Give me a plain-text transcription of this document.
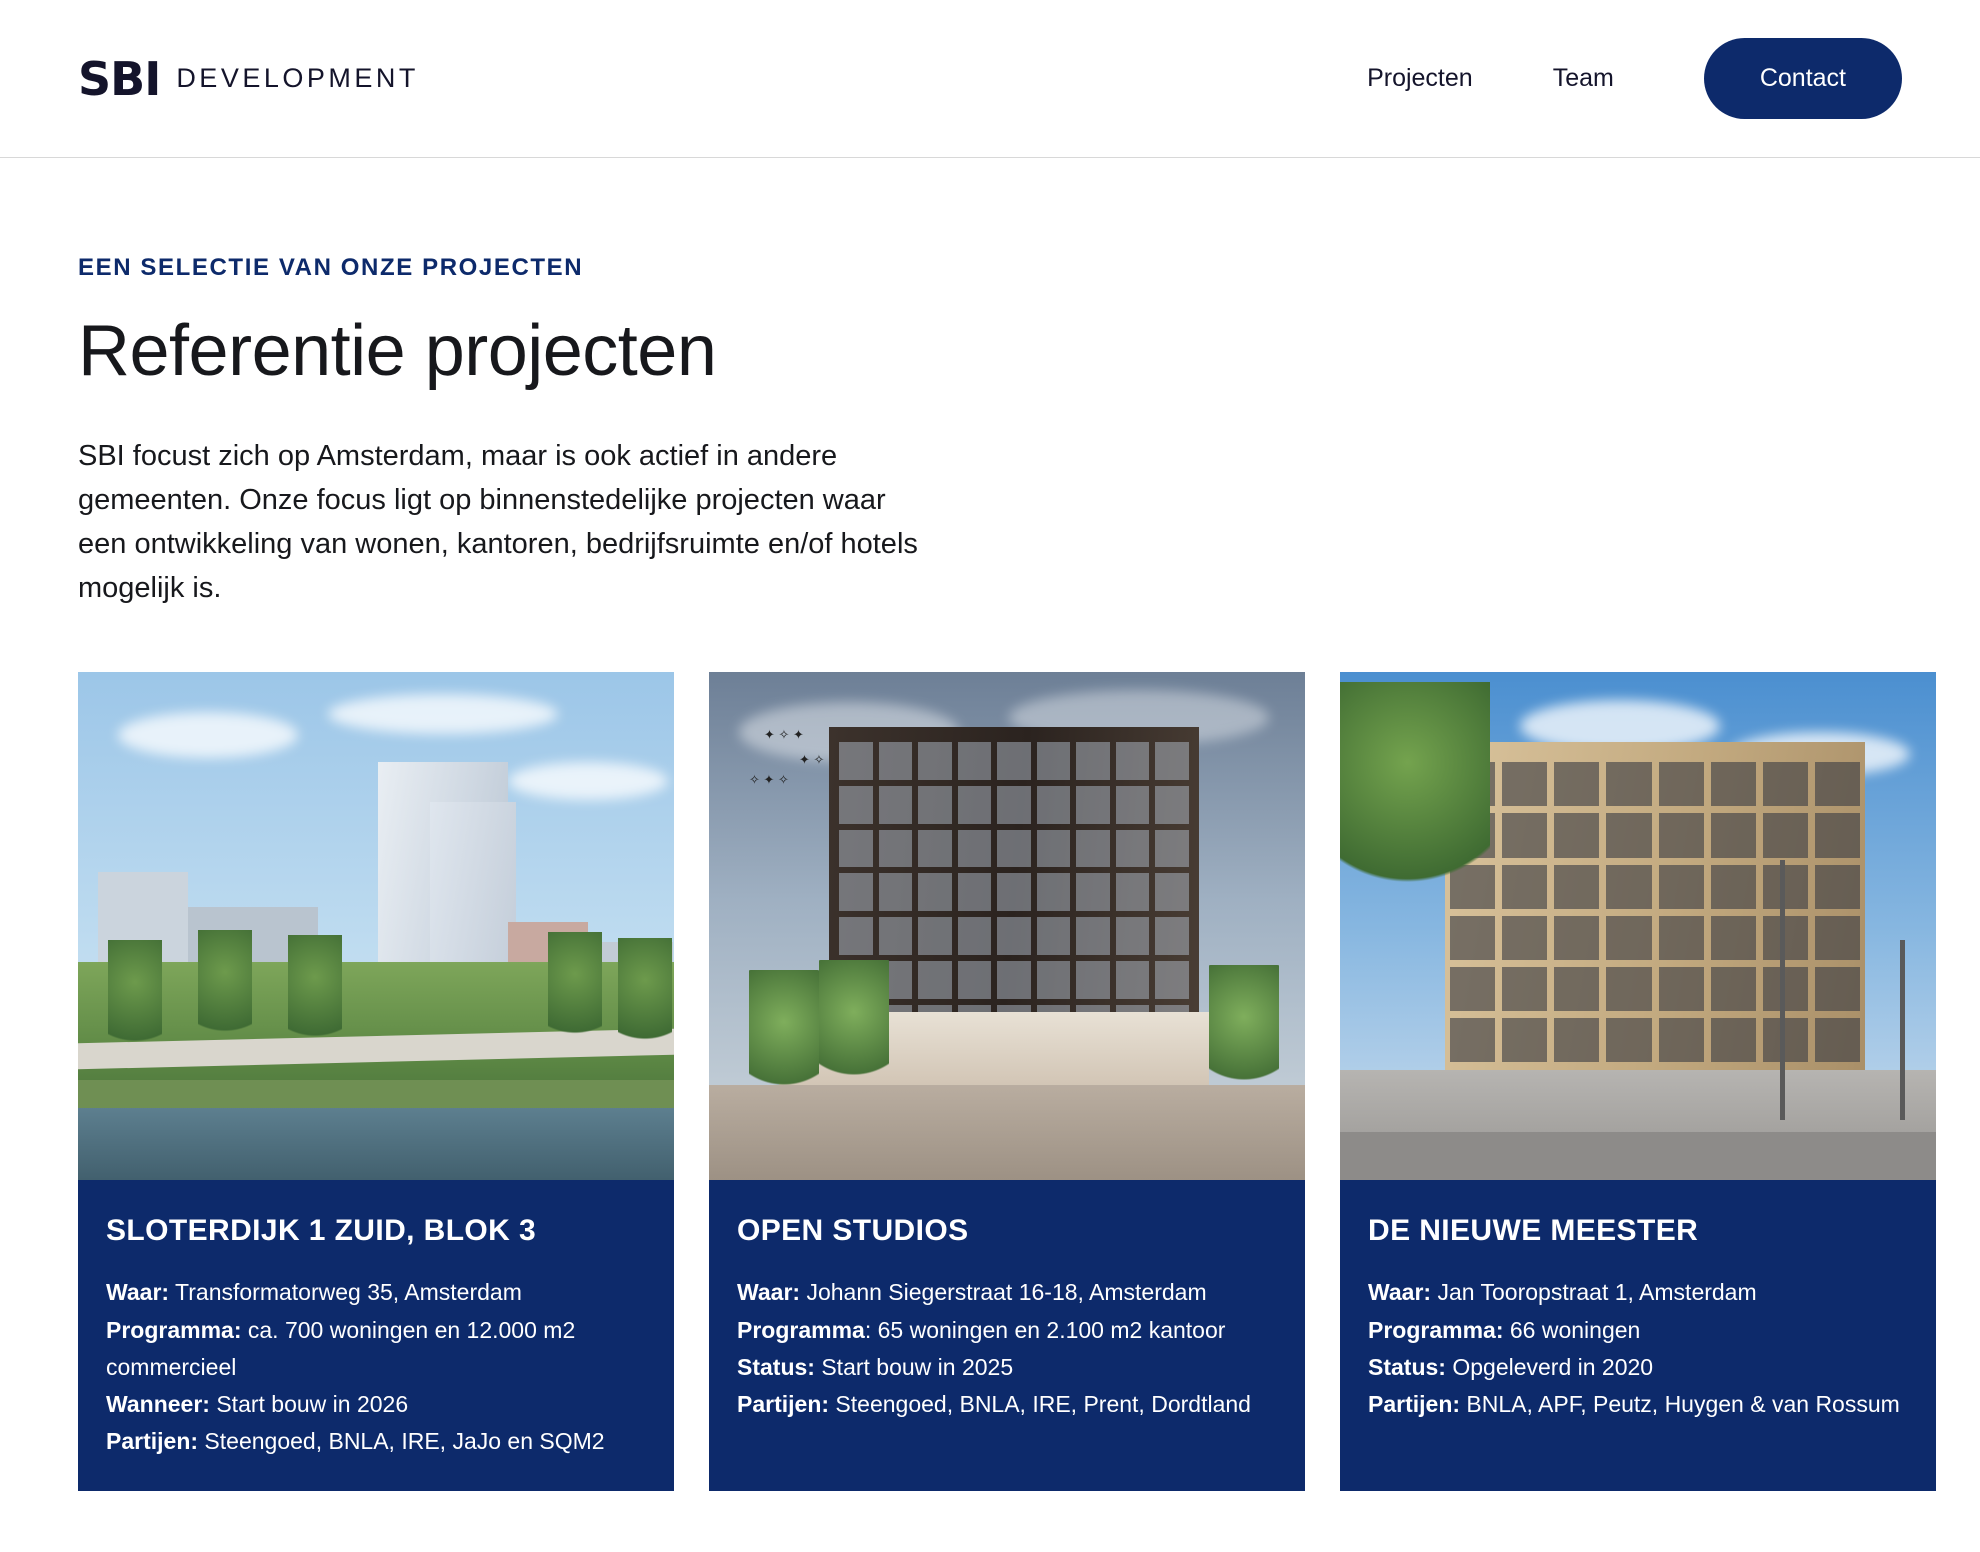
SBI DEVELOPMENT	Projecten	Team	Contact
EEN SELECTIE VAN ONZE PROJECTEN
Referentie projecten

SBI focust zich op Amsterdam, maar is ook actief in andere gemeenten. Onze focus ligt op binnenstedelijke projecten waar een ontwikkeling van wonen, kantoren, bedrijfsruimte en/of hotels mogelijk is.

SLOTERDIJK 1 ZUID, BLOK 3
Waar: Transformatorweg 35, Amsterdam
Programma: ca. 700 woningen en 12.000 m2 commercieel
Wanneer: Start bouw in 2026
Partijen: Steengoed, BNLA, IRE, JaJo en SQM2
✦ ✧ ✦
✦ ✧
✧ ✦ ✧
OPEN STUDIOS
Waar: Johann Siegerstraat 16-18, Amsterdam
Programma: 65 woningen en 2.100 m2 kantoor
Status: Start bouw in 2025
Partijen: Steengoed, BNLA, IRE, Prent, Dordtland
DE NIEUWE MEESTER
Waar: Jan Tooropstraat 1, Amsterdam
Programma: 66 woningen
Status: Opgeleverd in 2020
Partijen: BNLA, APF, Peutz, Huygen & van Rossum
